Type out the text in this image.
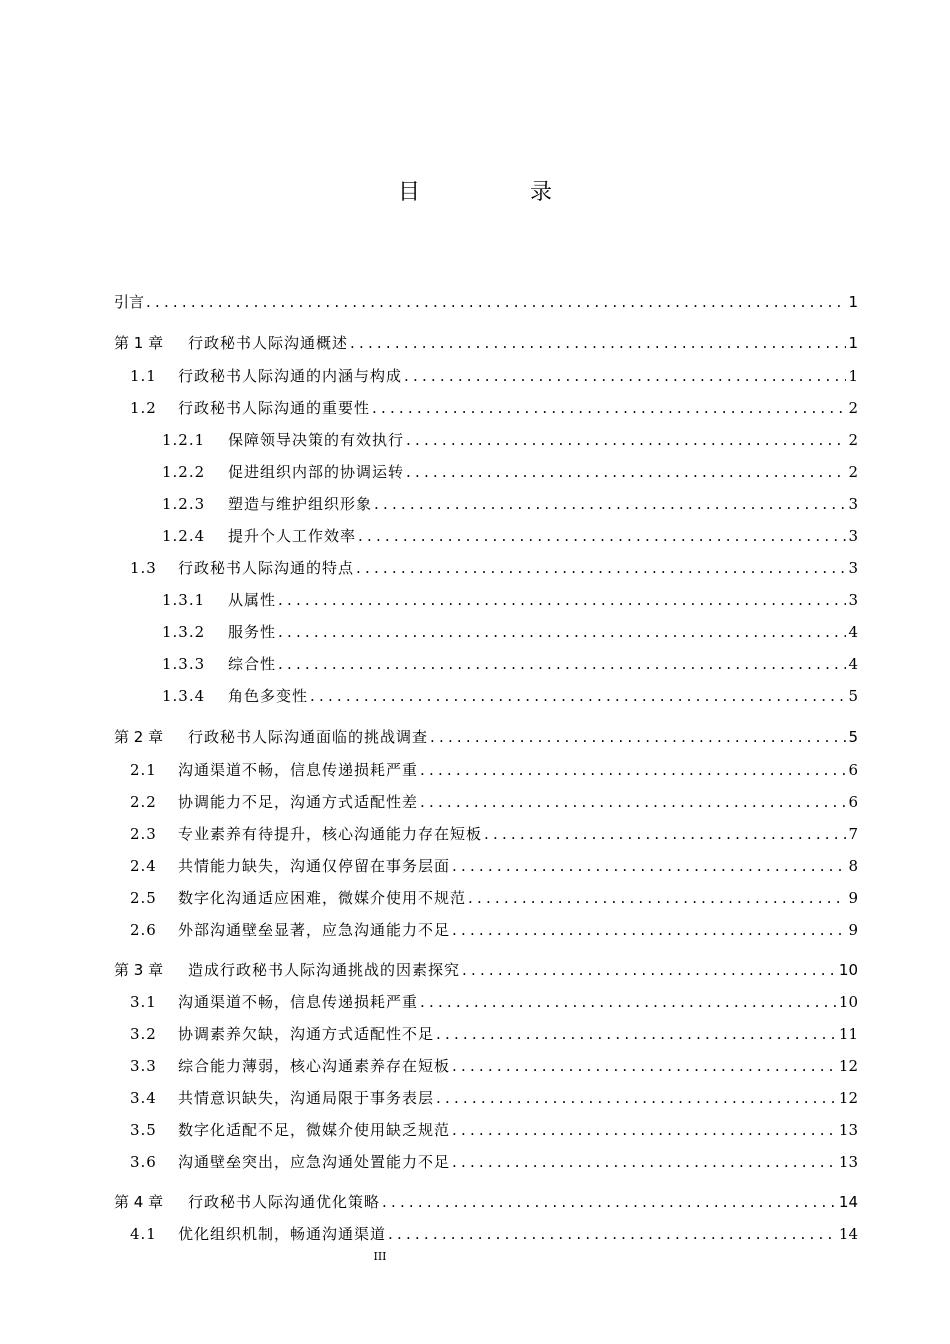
目　录
引言 .....	1
第 1 章	行政秘书人际沟通概述 .....	1
1.1	行政秘书人际沟通的内涵与构成 .....	1
1.2	行政秘书人际沟通的重要性 .....	2
1.2.1	保障领导决策的有效执行 .....	2
1.2.2	促进组织内部的协调运转 .....	2
1.2.3	塑造与维护组织形象 .....	3
1.2.4	提升个人工作效率 .....	3
1.3	行政秘书人际沟通的特点 .....	3
1.3.1	从属性 .....	3
1.3.2	服务性 .....	4
1.3.3	综合性 .....	4
1.3.4	角色多变性 .....	5
第 2 章	行政秘书人际沟通面临的挑战调查 .....	5
2.1	沟通渠道不畅，信息传递损耗严重 .....	6
2.2	协调能力不足，沟通方式适配性差 .....	6
2.3	专业素养有待提升，核心沟通能力存在短板 .....	7
2.4	共情能力缺失，沟通仅停留在事务层面 .....	8
2.5	数字化沟通适应困难，微媒介使用不规范 .....	9
2.6	外部沟通壁垒显著，应急沟通能力不足 .....	9
第 3 章	造成行政秘书人际沟通挑战的因素探究 .....	10
3.1	沟通渠道不畅，信息传递损耗严重 .....	10
3.2	协调素养欠缺，沟通方式适配性不足 .....	11
3.3	综合能力薄弱，核心沟通素养存在短板 .....	12
3.4	共情意识缺失，沟通局限于事务表层 .....	12
3.5	数字化适配不足，微媒介使用缺乏规范 .....	13
3.6	沟通壁垒突出，应急沟通处置能力不足 .....	13
第 4 章	行政秘书人际沟通优化策略 .....	14
4.1	优化组织机制，畅通沟通渠道 .....	14
III
